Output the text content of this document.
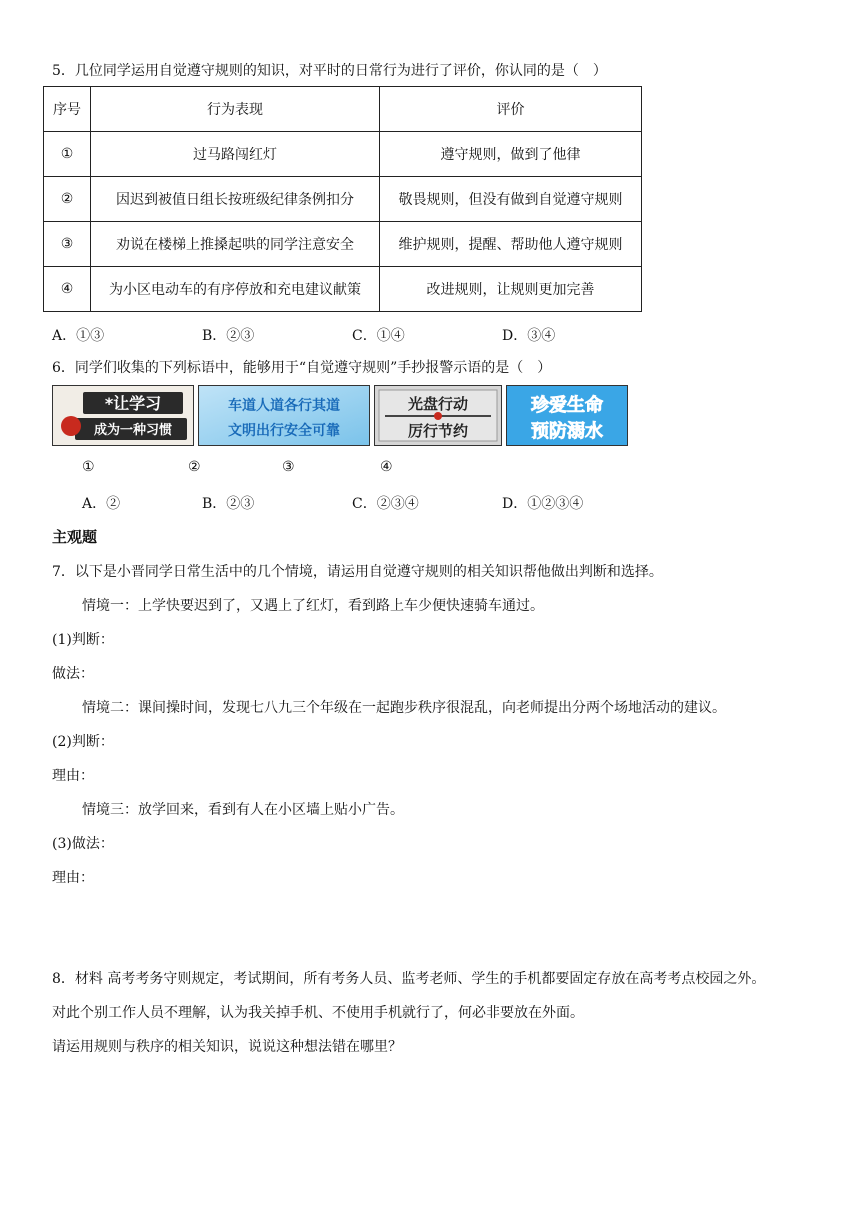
5．几位同学运用自觉遵守规则的知识，对平时的日常行为进行了评价，你认同的是（　）
序号	行为表现	评价
①	过马路闯红灯	遵守规则，做到了他律
②	因迟到被值日组长按班级纪律条例扣分	敬畏规则，但没有做到自觉遵守规则
③	劝说在楼梯上推搡起哄的同学注意安全	维护规则，提醒、帮助他人遵守规则
④	为小区电动车的有序停放和充电建议献策	改进规则，让规则更加完善
A．①③	B．②③	C．①④	D．③④
6．同学们收集的下列标语中，能够用于“自觉遵守规则”手抄报警示语的是（　）
*让学习
成为一种习惯
车道人道各行其道
文明出行安全可靠
光盘行动
厉行节约
珍爱生命
预防溺水
①	②	③	④
A．②	B．②③	C．②③④	D．①②③④
主观题
7．以下是小晋同学日常生活中的几个情境，请运用自觉遵守规则的相关知识帮他做出判断和选择。
情境一：上学快要迟到了，又遇上了红灯，看到路上车少便快速骑车通过。
(1)判断：
做法：
情境二：课间操时间，发现七八九三个年级在一起跑步秩序很混乱，向老师提出分两个场地活动的建议。
(2)判断：
理由：
情境三：放学回来，看到有人在小区墙上贴小广告。
(3)做法：
理由：
8．材料 高考考务守则规定，考试期间，所有考务人员、监考老师、学生的手机都要固定存放在高考考点校园之外。
对此个别工作人员不理解，认为我关掉手机、不使用手机就行了，何必非要放在外面。
请运用规则与秩序的相关知识，说说这种想法错在哪里？
